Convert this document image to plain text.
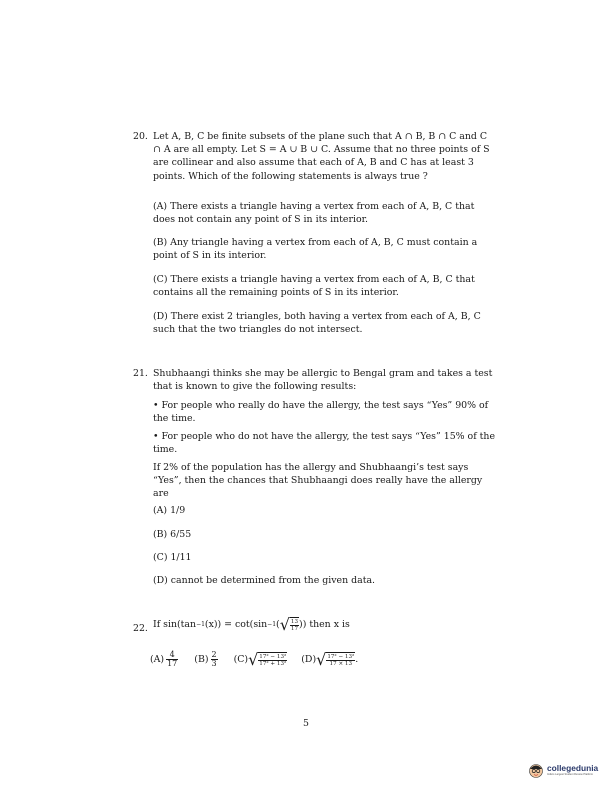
20. Let A, B, C be finite subsets of the plane such that A ∩ B, B ∩ C and C ∩ A are all empty. Let S = A ∪ B ∪ C. Assume that no three points of S are collinear and also assume that each of A, B and C has at least 3 points. Which of the following statements is always true ?

(A) There exists a triangle having a vertex from each of A, B, C that does not contain any point of S in its interior.

(B) Any triangle having a vertex from each of A, B, C must contain a point of S in its interior.

(C) There exists a triangle having a vertex from each of A, B, C that contains all the remaining points of S in its interior.

(D) There exist 2 triangles, both having a vertex from each of A, B, C such that the two triangles do not intersect.

21. Shubhaangi thinks she may be allergic to Bengal gram and takes a test that is known to give the following results:

• For people who really do have the allergy, the test says “Yes” 90% of the time.

• For people who do not have the allergy, the test says “Yes” 15% of the time.

If 2% of the population has the allergy and Shubhaangi’s test says “Yes”, then the chances that Shubhaangi does really have the allergy are

(A) 1/9

(B) 6/55

(C) 1/11

(D) cannot be determined from the given data.

22. If sin(tan −1 (x)) = cot(sin −1 ( √ $\frac{13}{17}$ )) then x is
$(A) \frac{4}{17} (B) \frac{2}{3} (C)$ √ $\frac{\text{17² − 13²}}{\text{17² + 13²}} (D)$ √ $\frac{\text{17² − 13²}}{17 \times 13}$ .
5
collegedunia
India's Largest Student Review Platform
